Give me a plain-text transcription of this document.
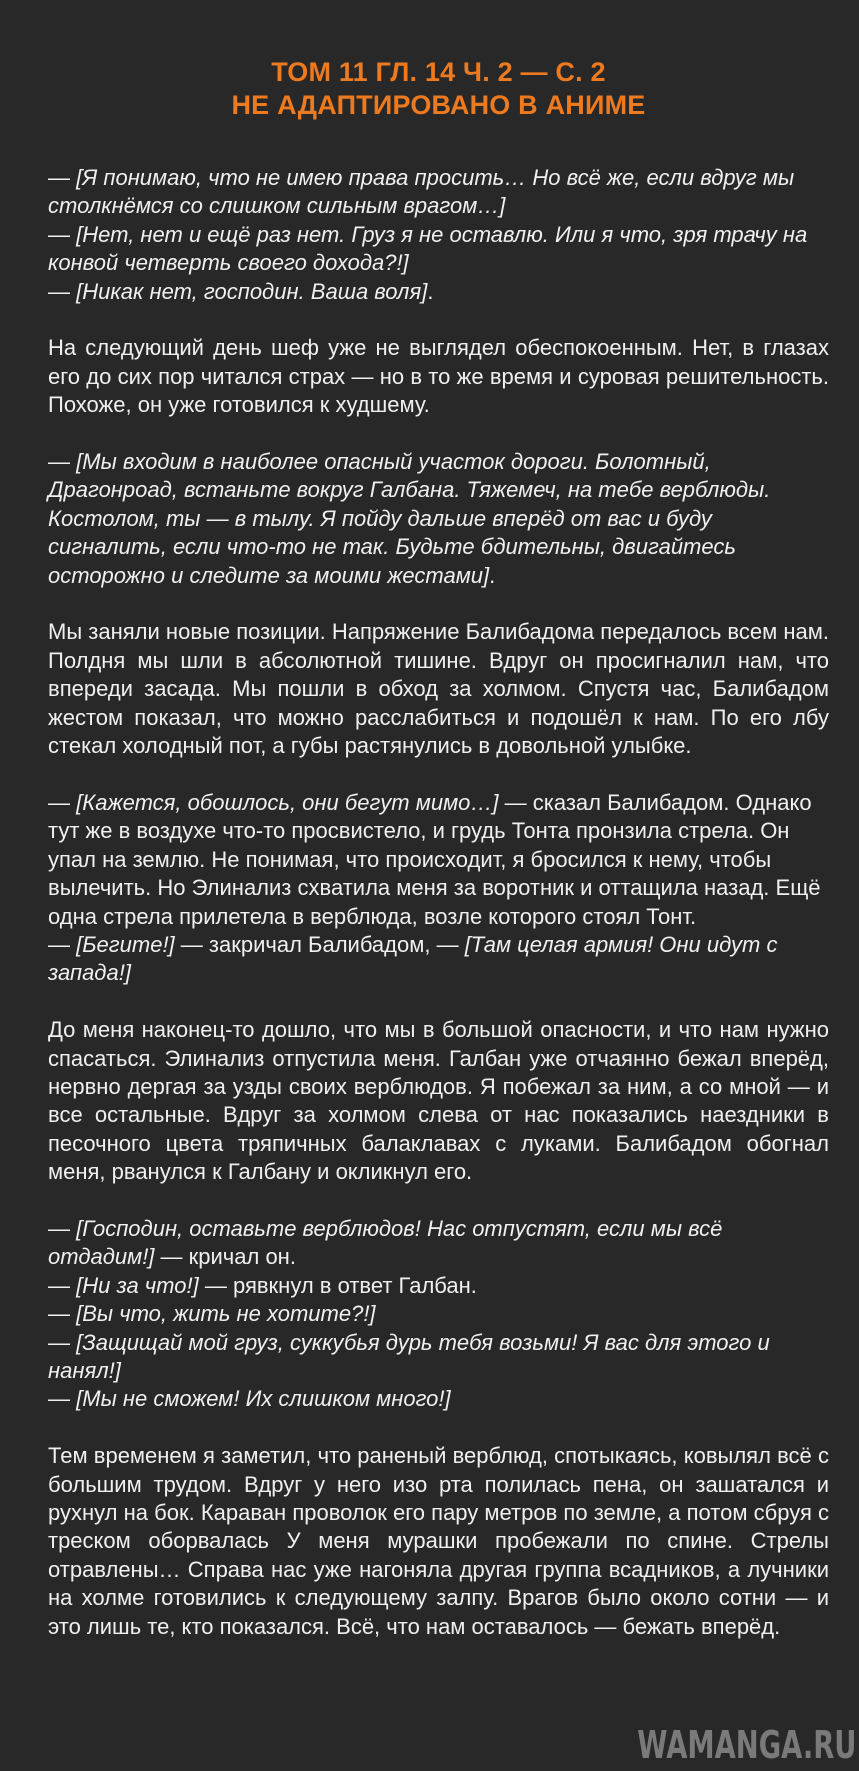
ТОМ 11 ГЛ. 14 Ч. 2 — С. 2
НЕ АДАПТИРОВАНО В АНИМЕ
— [Я понимаю, что не имею права просить… Но всё же, если вдруг мы столкнёмся со слишком сильным врагом…]
— [Нет, нет и ещё раз нет. Груз я не оставлю. Или я что, зря трачу на конвой четверть своего дохода?!]
— [Никак нет, господин. Ваша воля].
На следующий день шеф уже не выглядел обеспокоенным. Нет, в глазах его до сих пор читался страх — но в то же время и суровая решительность. Похоже, он уже готовился к худшему.
— [Мы входим в наиболее опасный участок дороги. Болотный, Драгонроад, встаньте вокруг Галбана. Тяжемеч, на тебе верблюды. Костолом, ты — в тылу. Я пойду дальше вперёд от вас и буду сигналить, если что-то не так. Будьте бдительны, двигайтесь осторожно и следите за моими жестами].
Мы заняли новые позиции. Напряжение Балибадома передалось всем нам. Полдня мы шли в абсолютной тишине. Вдруг он просигналил нам, что впереди засада. Мы пошли в обход за холмом. Спустя час, Балибадом жестом показал, что можно расслабиться и подошёл к нам. По его лбу стекал холодный пот, а губы растянулись в довольной улыбке.
— [Кажется, обошлось, они бегут мимо…] — сказал Балибадом. Однако тут же в воздухе что-то просвистело, и грудь Тонта пронзила стрела. Он упал на землю. Не понимая, что происходит, я бросился к нему, чтобы вылечить. Но Элинализ схватила меня за воротник и оттащила назад. Ещё одна стрела прилетела в верблюда, возле которого стоял Тонт.
— [Бегите!] — закричал Балибадом, — [Там целая армия! Они идут с запада!]
До меня наконец-то дошло, что мы в большой опасности, и что нам нужно спасаться. Элинализ отпустила меня. Галбан уже отчаянно бежал вперёд, нервно дергая за узды своих верблюдов. Я побежал за ним, а со мной — и все остальные. Вдруг за холмом слева от нас показались наездники в песочного цвета тряпичных балаклавах с луками. Балибадом обогнал меня, рванулся к Галбану и окликнул его.
— [Господин, оставьте верблюдов! Нас отпустят, если мы всё отдадим!] — кричал он.
— [Ни за что!] — рявкнул в ответ Галбан.
— [Вы что, жить не хотите?!]
— [Защищай мой груз, суккубья дурь тебя возьми! Я вас для этого и нанял!]
— [Мы не сможем! Их слишком много!]
Тем временем я заметил, что раненый верблюд, спотыкаясь, ковылял всё с большим трудом. Вдруг у него изо рта полилась пена, он зашатался и рухнул на бок. Караван проволок его пару метров по земле, а потом сбруя с треском оборвалась У меня мурашки пробежали по спине. Стрелы отравлены… Справа нас уже нагоняла другая группа всадников, а лучники на холме готовились к следующему залпу. Врагов было около сотни — и это лишь те, кто показался. Всё, что нам оставалось — бежать вперёд.
WAMANGA.RU
